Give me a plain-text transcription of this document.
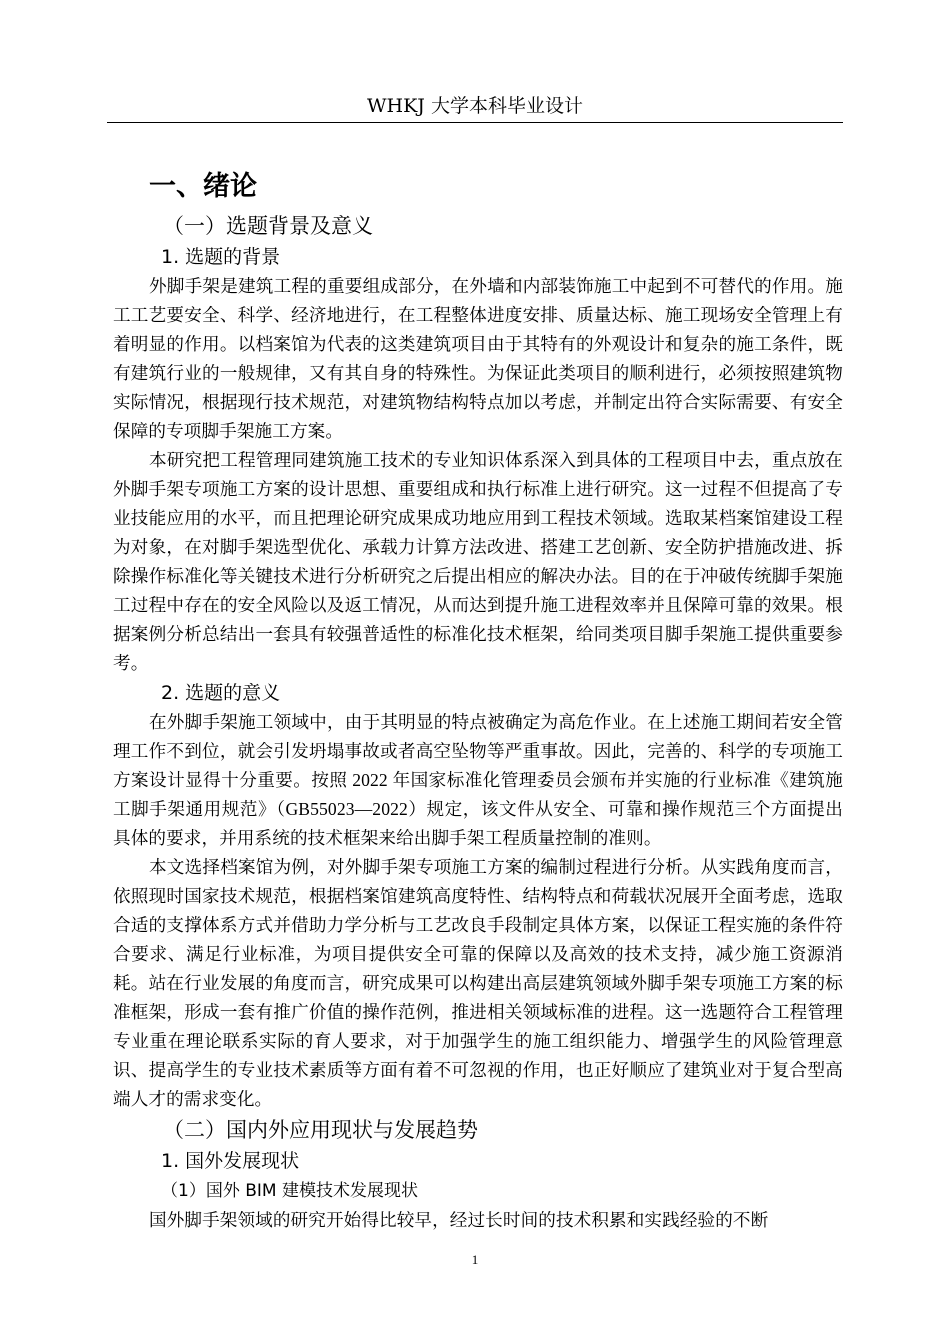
WHKJ 大学本科毕业设计
一、绪论
（一）选题背景及意义
1. 选题的背景

外脚手架是建筑工程的重要组成部分，在外墙和内部装饰施工中起到不可替代的作用。施工工艺要安全、科学、经济地进行，在工程整体进度安排、质量达标、施工现场安全管理上有着明显的作用。以档案馆为代表的这类建筑项目由于其特有的外观设计和复杂的施工条件，既有建筑行业的一般规律，又有其自身的特殊性。为保证此类项目的顺利进行，必须按照建筑物实际情况，根据现行技术规范，对建筑物结构特点加以考虑，并制定出符合实际需要、有安全保障的专项脚手架施工方案。

本研究把工程管理同建筑施工技术的专业知识体系深入到具体的工程项目中去，重点放在外脚手架专项施工方案的设计思想、重要组成和执行标准上进行研究。这一过程不但提高了专业技能应用的水平，而且把理论研究成果成功地应用到工程技术领域。选取某档案馆建设工程为对象，在对脚手架选型优化、承载力计算方法改进、搭建工艺创新、安全防护措施改进、拆除操作标准化等关键技术进行分析研究之后提出相应的解决办法。目的在于冲破传统脚手架施工过程中存在的安全风险以及返工情况，从而达到提升施工进程效率并且保障可靠的效果。根据案例分析总结出一套具有较强普适性的标准化技术框架，给同类项目脚手架施工提供重要参考。

2. 选题的意义

在外脚手架施工领域中，由于其明显的特点被确定为高危作业。在上述施工期间若安全管理工作不到位，就会引发坍塌事故或者高空坠物等严重事故。因此，完善的、科学的专项施工方案设计显得十分重要。按照 2022 年国家标准化管理委员会颁布并实施的行业标准《建筑施工脚手架通用规范》（GB55023—2022）规定，该文件从安全、可靠和操作规范三个方面提出具体的要求，并用系统的技术框架来给出脚手架工程质量控制的准则。

本文选择档案馆为例，对外脚手架专项施工方案的编制过程进行分析。从实践角度而言，依照现时国家技术规范，根据档案馆建筑高度特性、结构特点和荷载状况展开全面考虑，选取合适的支撑体系方式并借助力学分析与工艺改良手段制定具体方案，以保证工程实施的条件符合要求、满足行业标准，为项目提供安全可靠的保障以及高效的技术支持，减少施工资源消耗。站在行业发展的角度而言，研究成果可以构建出高层建筑领域外脚手架专项施工方案的标准框架，形成一套有推广价值的操作范例，推进相关领域标准的进程。这一选题符合工程管理专业重在理论联系实际的育人要求，对于加强学生的施工组织能力、增强学生的风险管理意识、提高学生的专业技术素质等方面有着不可忽视的作用，也正好顺应了建筑业对于复合型高端人才的需求变化。

（二）国内外应用现状与发展趋势
1. 国外发展现状
（1）国外 BIM 建模技术发展现状

国外脚手架领域的研究开始得比较早，经过长时间的技术积累和实践经验的不断

1
